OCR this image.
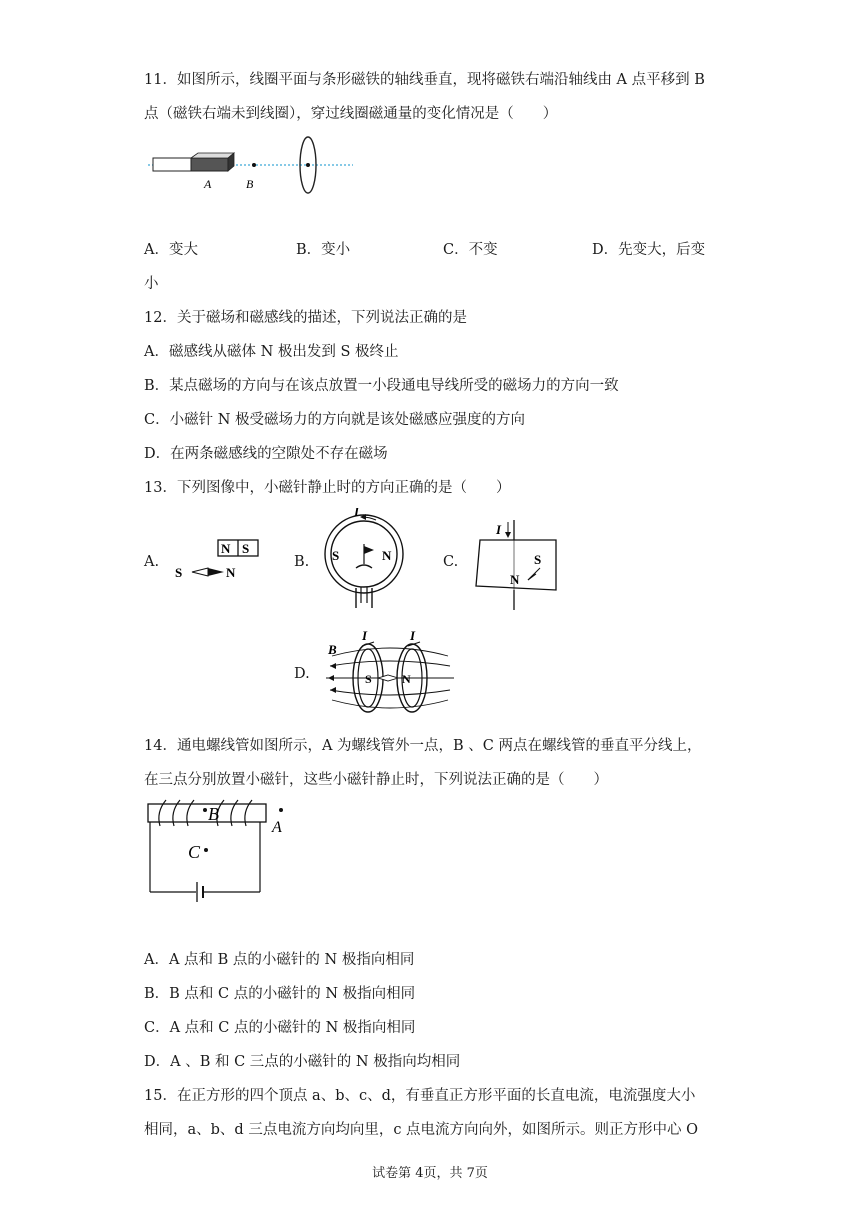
11．如图所示，线圈平面与条形磁铁的轴线垂直，现将磁铁右端沿轴线由 A 点平移到 B
点（磁铁右端未到线圈），穿过线圈磁通量的变化情况是（　　）
A	B
A．变大	B．变小	C．不变	D．先变大，后变
小
12．关于磁场和磁感线的描述，下列说法正确的是
A．磁感线从磁体 N 极出发到 S 极终止
B．某点磁场的方向与在该点放置一小段通电导线所受的磁场力的方向一致
C．小磁针 N 极受磁场力的方向就是该处磁感应强度的方向
D．在两条磁感线的空隙处不存在磁场
13．下列图像中，小磁针静止时的方向正确的是（　　）
A.
N S
S	N
B.
I
S	N	C.
I
S
N
D.
B
I	I
S	N
14．通电螺线管如图所示，A 为螺线管外一点，B 、C 两点在螺线管的垂直平分线上，
在三点分别放置小磁针，这些小磁针静止时，下列说法正确的是（　　）
B
A
C
A．A 点和 B 点的小磁针的 N 极指向相同
B．B 点和 C 点的小磁针的 N 极指向相同
C．A 点和 C 点的小磁针的 N 极指向相同
D．A 、B 和 C 三点的小磁针的 N 极指向均相同
15．在正方形的四个顶点 a、b、c、d，有垂直正方形平面的长直电流，电流强度大小
相同，a、b、d 三点电流方向均向里，c 点电流方向向外，如图所示。则正方形中心 O
试卷第 4页，共 7页
